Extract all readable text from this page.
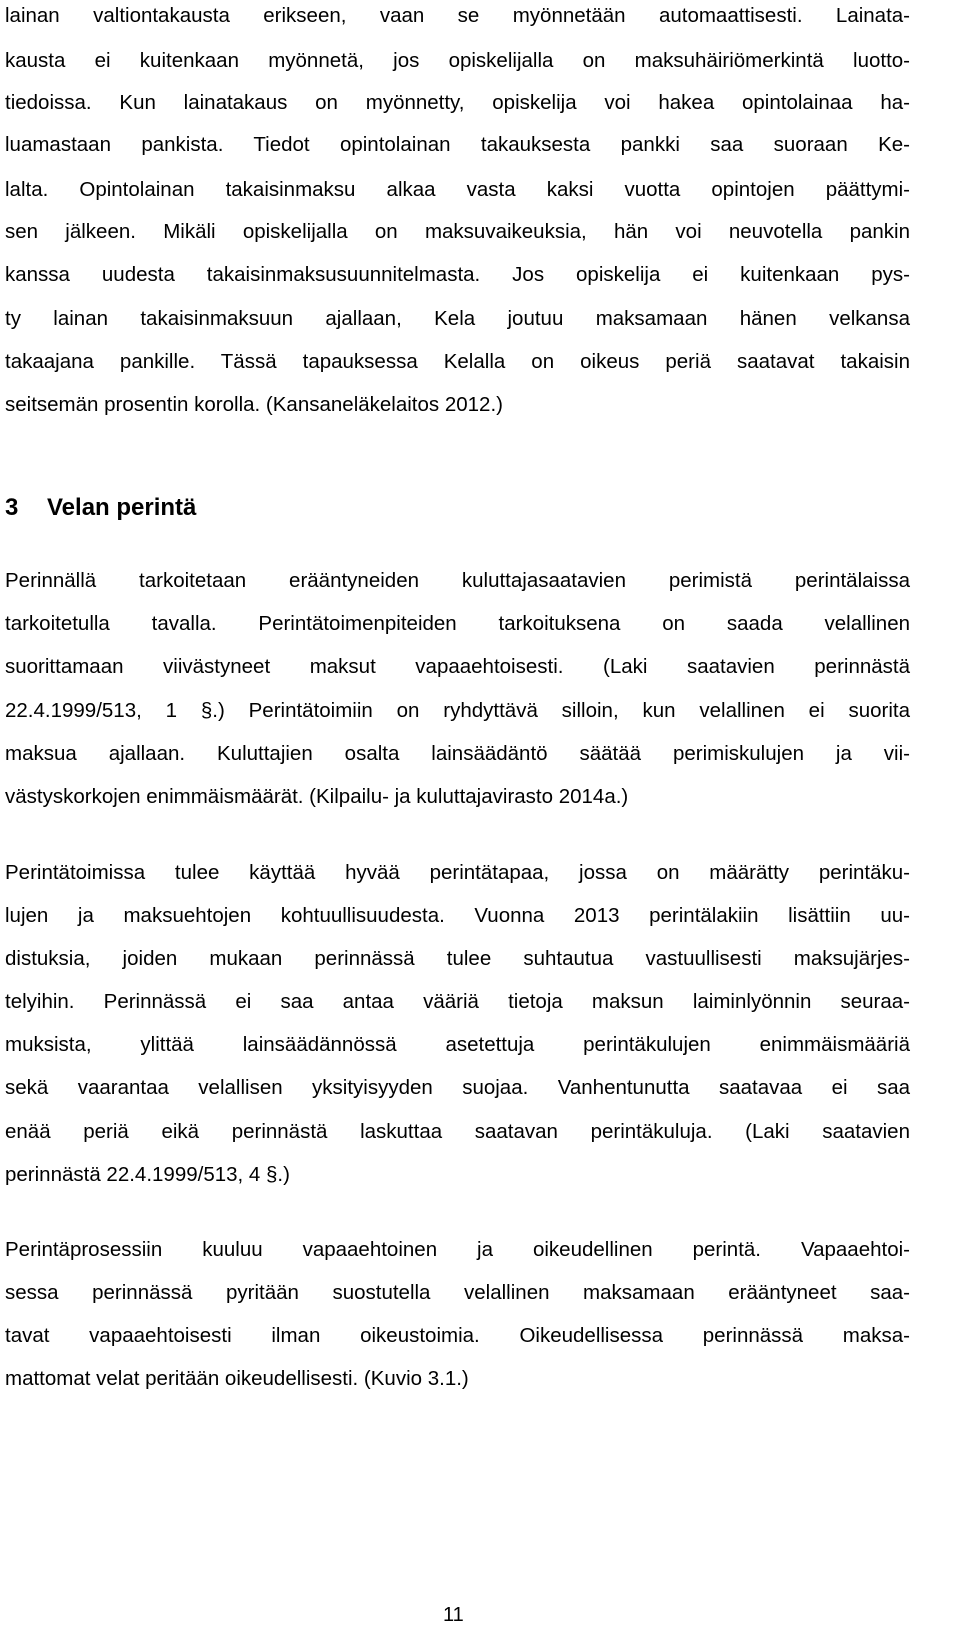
lainan valtiontakausta erikseen, vaan se myönnetään automaattisesti. Lainata-
kausta ei kuitenkaan myönnetä, jos opiskelijalla on maksuhäiriömerkintä luotto-
tiedoissa. Kun lainatakaus on myönnetty, opiskelija voi hakea opintolainaa ha-
luamastaan pankista. Tiedot opintolainan takauksesta pankki saa suoraan Ke-
lalta. Opintolainan takaisinmaksu alkaa vasta kaksi vuotta opintojen päättymi-
sen jälkeen. Mikäli opiskelijalla on maksuvaikeuksia, hän voi neuvotella pankin
kanssa uudesta takaisinmaksusuunnitelmasta. Jos opiskelija ei kuitenkaan pys-
ty lainan takaisinmaksuun ajallaan, Kela joutuu maksamaan hänen velkansa
takaajana pankille. Tässä tapauksessa Kelalla on oikeus periä saatavat takaisin
seitsemän prosentin korolla. (Kansaneläkelaitos 2012.)
3 Velan perintä
Perinnällä tarkoitetaan erääntyneiden kuluttajasaatavien perimistä perintälaissa
tarkoitetulla tavalla. Perintätoimenpiteiden tarkoituksena on saada velallinen
suorittamaan viivästyneet maksut vapaaehtoisesti. (Laki saatavien perinnästä
22.4.1999/513, 1 §.) Perintätoimiin on ryhdyttävä silloin, kun velallinen ei suorita
maksua ajallaan. Kuluttajien osalta lainsäädäntö säätää perimiskulujen ja vii-
västyskorkojen enimmäismäärät. (Kilpailu- ja kuluttajavirasto 2014a.)
Perintätoimissa tulee käyttää hyvää perintätapaa, jossa on määrätty perintäku-
lujen ja maksuehtojen kohtuullisuudesta. Vuonna 2013 perintälakiin lisättiin uu-
distuksia, joiden mukaan perinnässä tulee suhtautua vastuullisesti maksujärjes-
telyihin. Perinnässä ei saa antaa vääriä tietoja maksun laiminlyönnin seuraa-
muksista, ylittää lainsäädännössä asetettuja perintäkulujen enimmäismääriä
sekä vaarantaa velallisen yksityisyyden suojaa. Vanhentunutta saatavaa ei saa
enää periä eikä perinnästä laskuttaa saatavan perintäkuluja. (Laki saatavien
perinnästä 22.4.1999/513, 4 §.)
Perintäprosessiin kuuluu vapaaehtoinen ja oikeudellinen perintä. Vapaaehtoi-
sessa perinnässä pyritään suostutella velallinen maksamaan erääntyneet saa-
tavat vapaaehtoisesti ilman oikeustoimia. Oikeudellisessa perinnässä maksa-
mattomat velat peritään oikeudellisesti. (Kuvio 3.1.)
11
